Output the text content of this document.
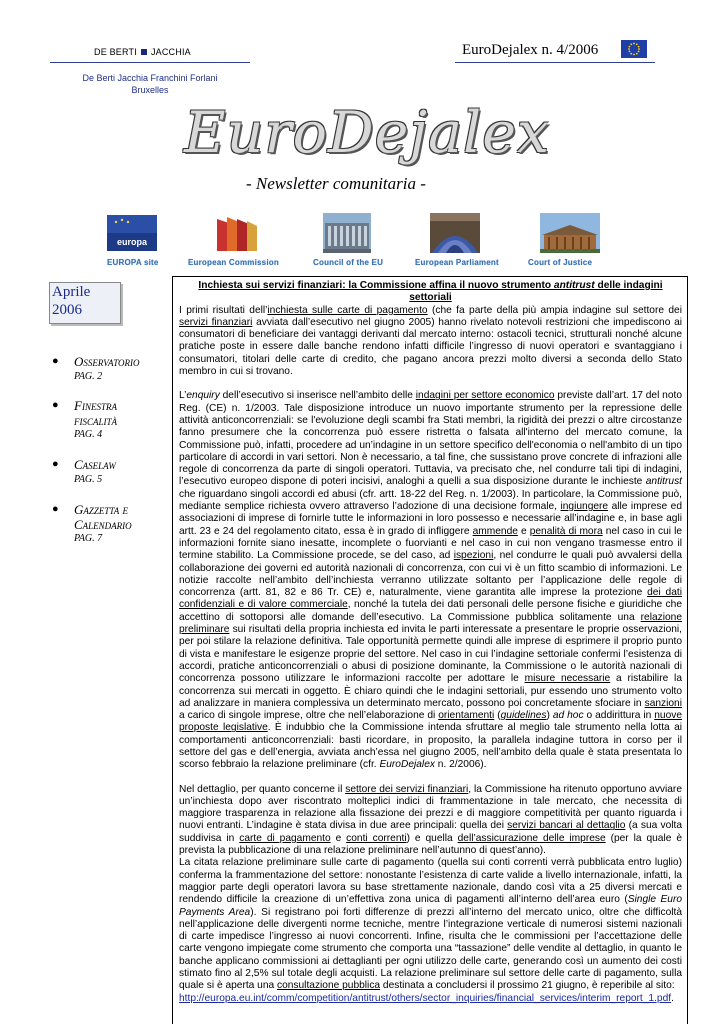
DE BERTI JACCHIA	EuroDejalex n. 4/2006
De Berti Jacchia Franchini Forlani
Bruxelles
EuroDejalex
- Newsletter comunitaria -
europa
EUROPA site	European Commission	Council of the EU	European Parliament	Court of Justice
Aprile
2006
● Osservatorio
PAG. 2
● Finestra
fiscalità
PAG. 4
● Caselaw
PAG. 5
● Gazzetta e
Calendario
PAG. 7
Inchiesta sui servizi finanziari: la Commissione affina il nuovo strumento antitrust delle indagini settoriali

I primi risultati dell’inchiesta sulle carte di pagamento (che fa parte della più ampia indagine sul settore dei servizi finanziari avviata dall’esecutivo nel giugno 2005) hanno rivelato notevoli restrizioni che impediscono ai consumatori di beneficiare dei vantaggi derivanti dal mercato interno: ostacoli tecnici, strutturali nonché alcune pratiche poste in essere dalle banche rendono infatti difficile l’ingresso di nuovi operatori e svantaggiano i consumatori, titolari delle carte di credito, che pagano ancora prezzi molto diversi a seconda dello Stato membro in cui si trovano.

L’enquiry dell’esecutivo si inserisce nell’ambito delle indagini per settore economico previste dall’art. 17 del noto Reg. (CE) n. 1/2003. Tale disposizione introduce un nuovo importante strumento per la repressione delle attività anticoncorrenziali: se l'evoluzione degli scambi fra Stati membri, la rigidità dei prezzi o altre circostanze fanno presumere che la concorrenza può essere ristretta o falsata all'interno del mercato comune, la Commissione può, infatti, procedere ad un’indagine in un settore specifico dell'economia o nell'ambito di un tipo particolare di accordi in vari settori. Non è necessario, a tal fine, che sussistano prove concrete di infrazioni alle regole di concorrenza da parte di singoli operatori. Tuttavia, va precisato che, nel condurre tali tipi di indagini, l’esecutivo europeo dispone di poteri incisivi, analoghi a quelli a sua disposizione durante le inchieste antitrust che riguardano singoli accordi ed abusi (cfr. artt. 18-22 del Reg. n. 1/2003). In particolare, la Commissione può, mediante semplice richiesta ovvero attraverso l’adozione di una decisione formale, ingiungere alle imprese ed associazioni di imprese di fornirle tutte le informazioni in loro possesso e necessarie all’indagine e, in base agli artt. 23 e 24 del regolamento citato, essa è in grado di infliggere ammende e penalità di mora nel caso in cui le informazioni fornite siano inesatte, incomplete o fuorvianti e nel caso in cui non vengano trasmesse entro il termine stabilito. La Commissione procede, se del caso, ad ispezioni, nel condurre le quali può avvalersi della collaborazione dei governi ed autorità nazionali di concorrenza, con cui vi è un fitto scambio di informazioni. Le notizie raccolte nell’ambito dell’inchiesta verranno utilizzate soltanto per l’applicazione delle regole di concorrenza (artt. 81, 82 e 86 Tr. CE) e, naturalmente, viene garantita alle imprese la protezione dei dati confidenziali e di valore commerciale, nonché la tutela dei dati personali delle persone fisiche e giuridiche che accettino di sottoporsi alle domande dell’esecutivo. La Commissione pubblica solitamente una relazione preliminare sui risultati della propria inchiesta ed invita le parti interessate a presentare le proprie osservazioni, per poi stilare la relazione definitiva. Tale opportunità permette quindi alle imprese di esprimere il proprio punto di vista e manifestare le esigenze proprie del settore. Nel caso in cui l’indagine settoriale confermi l’esistenza di accordi, pratiche anticoncorrenziali o abusi di posizione dominante, la Commissione o le autorità nazionali di concorrenza possono utilizzare le informazioni raccolte per adottare le misure necessarie a ristabilire la concorrenza sui mercati in oggetto. È chiaro quindi che le indagini settoriali, pur essendo uno strumento volto ad analizzare in maniera complessiva un determinato mercato, possono poi concretamente sfociare in sanzioni a carico di singole imprese, oltre che nell’elaborazione di orientamenti (guidelines) ad hoc o addirittura in nuove proposte legislative. È indubbio che la Commissione intenda sfruttare al meglio tale strumento nella lotta ai comportamenti anticoncorrenziali: basti ricordare, in proposito, la parallela indagine tuttora in corso per il settore del gas e dell’energia, avviata anch’essa nel giugno 2005, nell’ambito della quale è stata presentata lo scorso febbraio la relazione preliminare (cfr. EuroDejalex n. 2/2006).

Nel dettaglio, per quanto concerne il settore dei servizi finanziari, la Commissione ha ritenuto opportuno avviare un’inchiesta dopo aver riscontrato molteplici indici di frammentazione in tale mercato, che necessita di maggiore trasparenza in relazione alla fissazione dei prezzi e di maggiore competitività per quanto riguarda i nuovi entranti. L’indagine è stata divisa in due aree principali: quella dei servizi bancari al dettaglio (a sua volta suddivisa in carte di pagamento e conti correnti) e quella dell’assicurazione delle imprese (per la quale è prevista la pubblicazione di una relazione preliminare nell’autunno di quest’anno).

La citata relazione preliminare sulle carte di pagamento (quella sui conti correnti verrà pubblicata entro luglio) conferma la frammentazione del settore: nonostante l’esistenza di carte valide a livello internazionale, infatti, la maggior parte degli operatori lavora su base strettamente nazionale, dando così vita a 25 diversi mercati e rendendo difficile la creazione di un’effettiva zona unica di pagamenti all’interno dell’area euro (Single Euro Payments Area). Si registrano poi forti differenze di prezzi all’interno del mercato unico, oltre che difficoltà nell’applicazione delle divergenti norme tecniche, mentre l’integrazione verticale di numerosi sistemi nazionali di carte impedisce l’ingresso ai nuovi concorrenti. Infine, risulta che le commissioni per l’accettazione delle carte vengono impiegate come strumento che comporta una “tassazione” delle vendite al dettaglio, in quanto le banche applicano commissioni ai dettaglianti per ogni utilizzo delle carte, generando così un aumento dei costi stimato fino al 2,5% sul totale degli acquisti. La relazione preliminare sul settore delle carte di pagamento, sulla quale si è aperta una consultazione pubblica destinata a concludersi il prossimo 21 giugno, è reperibile al sito:
http://europa.eu.int/comm/competition/antitrust/others/sector_inquiries/financial_services/interim_report_1.pdf.
